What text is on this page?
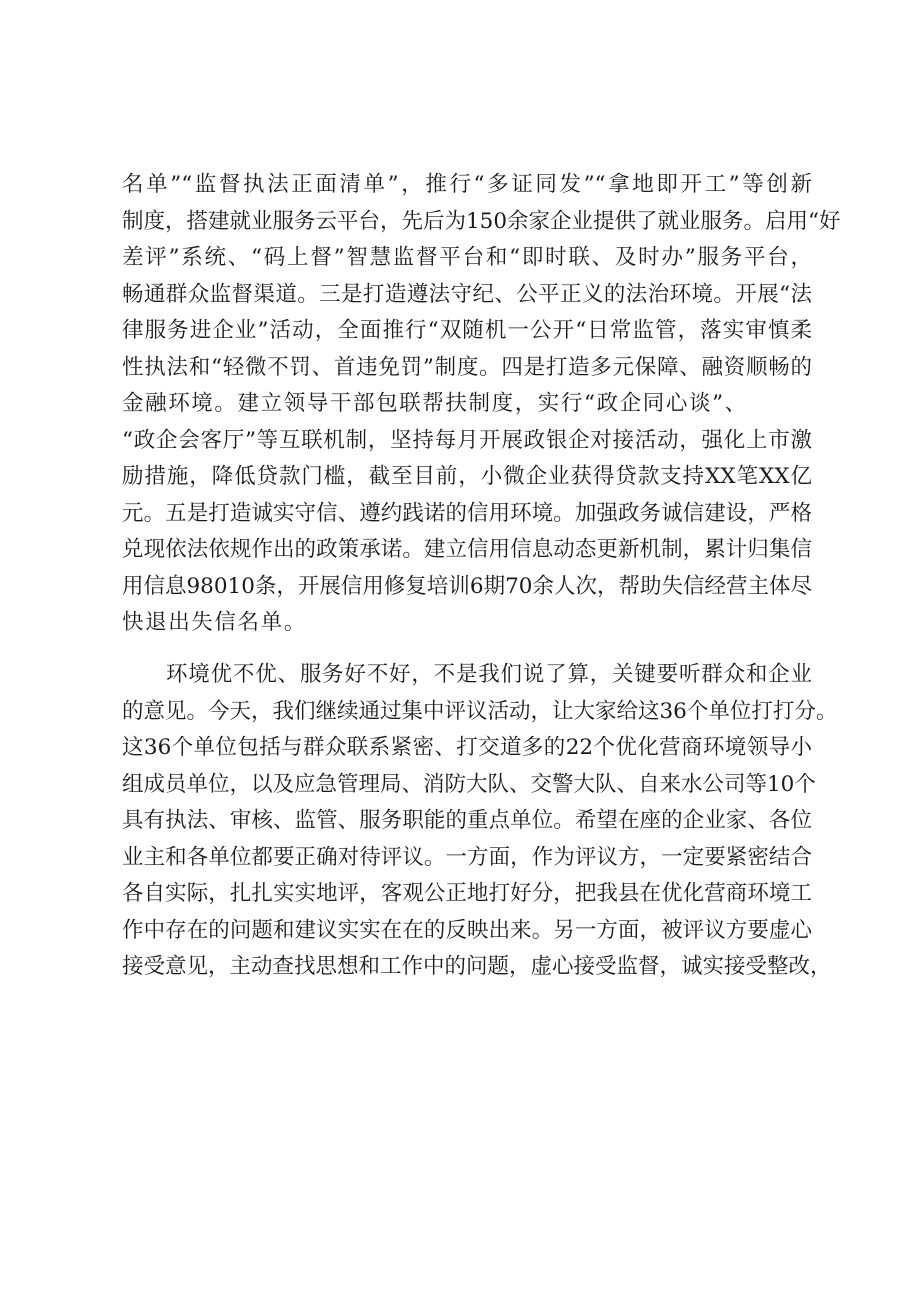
名单”“监督执法正面清单”，推行“多证同发”“拿地即开工”等创新
制度，搭建就业服务云平台，先后为150余家企业提供了就业服务。启用“好
差评”系统、“码上督”智慧监督平台和“即时联、及时办”服务平台，
畅通群众监督渠道。三是打造遵法守纪、公平正义的法治环境。开展“法
律服务进企业”活动，全面推行“双随机一公开“日常监管，落实审慎柔
性执法和“轻微不罚、首违免罚”制度。四是打造多元保障、融资顺畅的
金融环境。建立领导干部包联帮扶制度，实行“政企同心谈”、
“政企会客厅”等互联机制，坚持每月开展政银企对接活动，强化上市激
励措施，降低贷款门槛，截至目前，小微企业获得贷款支持XX笔XX亿
元。五是打造诚实守信、遵约践诺的信用环境。加强政务诚信建设，严格
兑现依法依规作出的政策承诺。建立信用信息动态更新机制，累计归集信
用信息98010条，开展信用修复培训6期70余人次，帮助失信经营主体尽
快退出失信名单。
环境优不优、服务好不好，不是我们说了算，关键要听群众和企业
的意见。今天，我们继续通过集中评议活动，让大家给这36个单位打打分。
这36个单位包括与群众联系紧密、打交道多的22个优化营商环境领导小
组成员单位，以及应急管理局、消防大队、交警大队、自来水公司等10个
具有执法、审核、监管、服务职能的重点单位。希望在座的企业家、各位
业主和各单位都要正确对待评议。一方面，作为评议方，一定要紧密结合
各自实际，扎扎实实地评，客观公正地打好分，把我县在优化营商环境工
作中存在的问题和建议实实在在的反映出来。另一方面，被评议方要虚心
接受意见，主动查找思想和工作中的问题，虚心接受监督，诚实接受整改，
